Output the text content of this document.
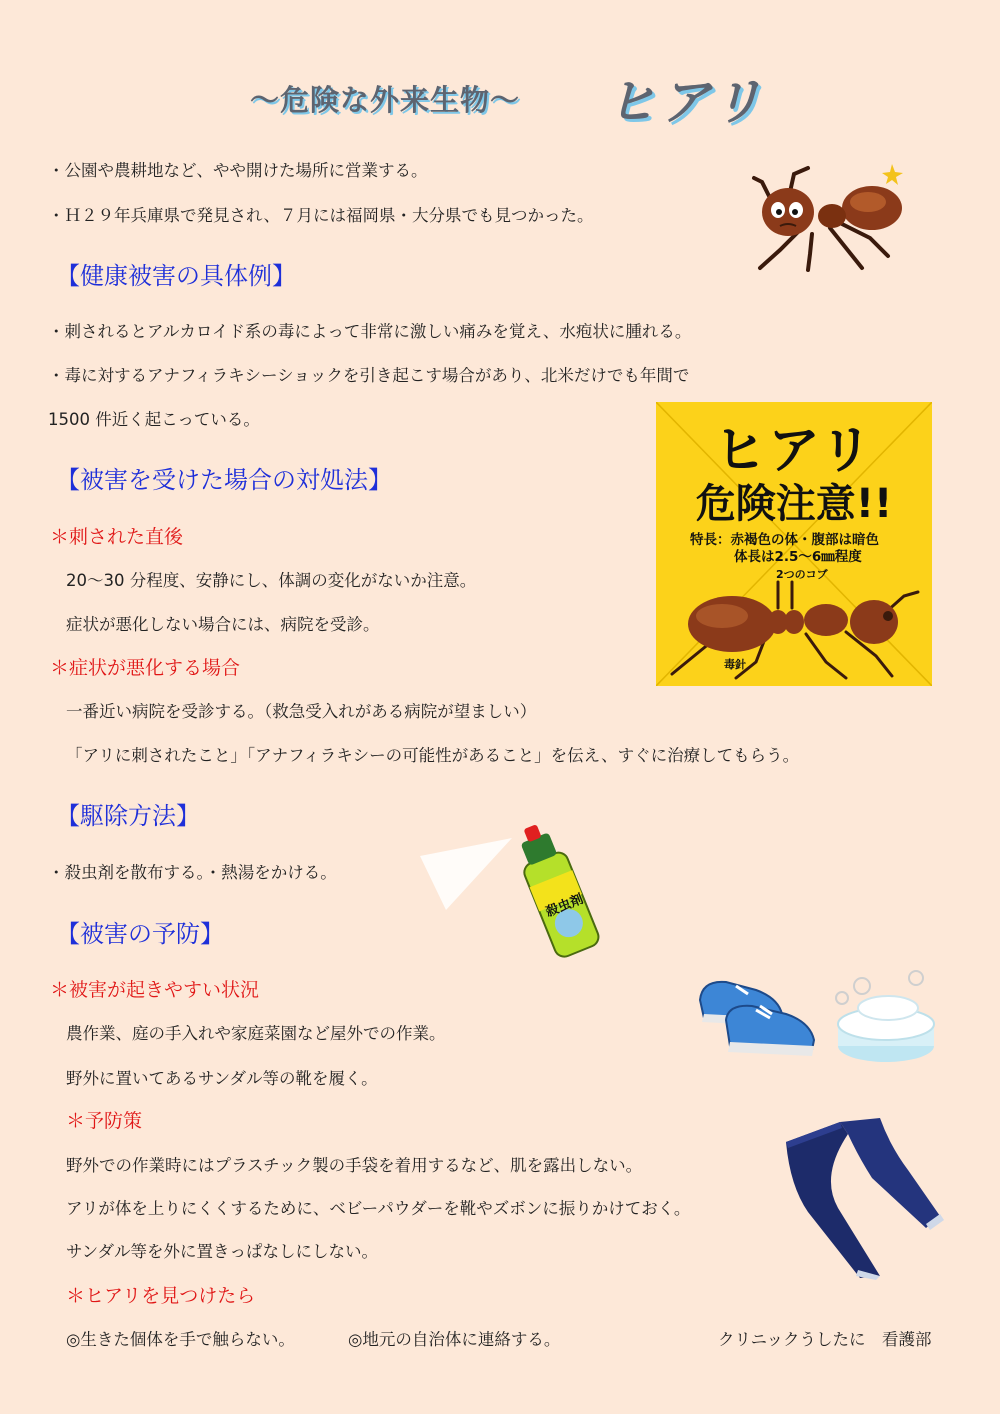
〜危険な外来生物〜 ヒアリ
・公園や農耕地など、やや開けた場所に営業する。
・Ｈ２９年兵庫県で発見され、７月には福岡県・大分県でも見つかった。
【健康被害の具体例】
・刺されるとアルカロイド系の毒によって非常に激しい痛みを覚え、水疱状に腫れる。
・毒に対するアナフィラキシーショックを引き起こす場合があり、北米だけでも年間で
1500 件近く起こっている。
ヒアリ
危険注意!!
特長：赤褐色の体・腹部は暗色
体長は2.5〜6㎜程度
2つのコブ
毒針
【被害を受けた場合の対処法】
＊刺された直後
20〜30 分程度、安静にし、体調の変化がないか注意。
症状が悪化しない場合には、病院を受診。
＊症状が悪化する場合
一番近い病院を受診する。（救急受入れがある病院が望ましい）
「アリに刺されたこと」「アナフィラキシーの可能性があること」を伝え、すぐに治療してもらう。
【駆除方法】
・殺虫剤を散布する。・熱湯をかける。
殺虫剤
【被害の予防】
＊被害が起きやすい状況
農作業、庭の手入れや家庭菜園など屋外での作業。
野外に置いてあるサンダル等の靴を履く。
＊予防策
野外での作業時にはプラスチック製の手袋を着用するなど、肌を露出しない。
アリが体を上りにくくするために、ベビーパウダーを靴やズボンに振りかけておく。
サンダル等を外に置きっぱなしにしない。
＊ヒアリを見つけたら
◎生きた個体を手で触らない。	◎地元の自治体に連絡する。	クリニックうしたに　看護部
